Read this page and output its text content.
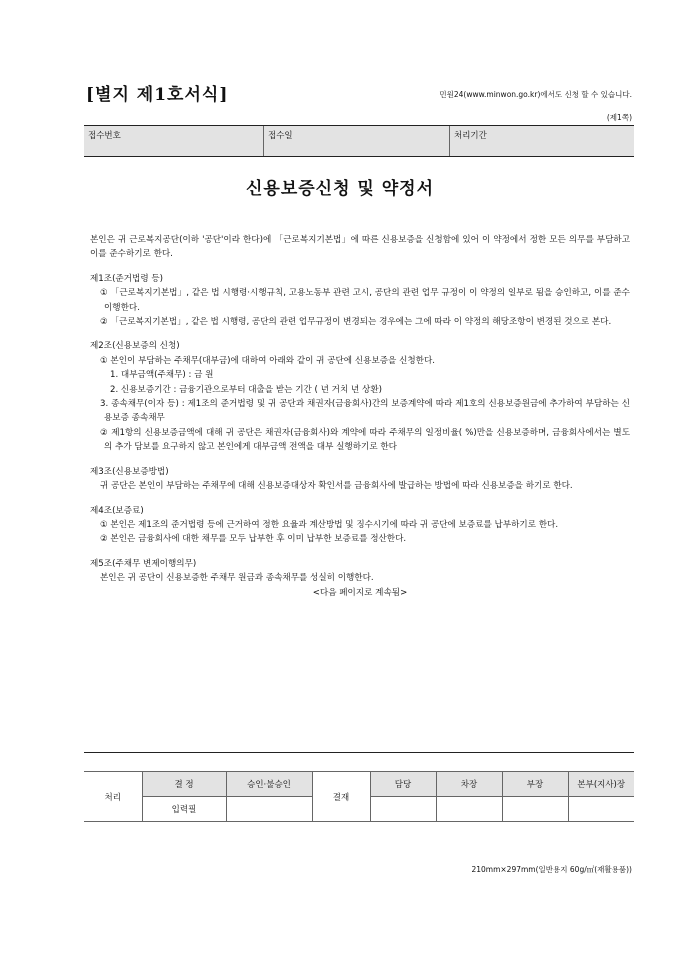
[별지 제1호서식]	민원24(www.minwon.go.kr)에서도 신청 할 수 있습니다.
(제1쪽)
접수번호	접수일	처리기간
신용보증신청 및 약정서

본인은 귀 근로복지공단(이하 '공단'이라 한다)에 「근로복지기본법」에 따른 신용보증을 신청함에 있어 이 약정에서 정한 모든 의무를 부담하고 이를 준수하기로 한다.

제1조(준거법령 등)

① 「근로복지기본법」, 같은 법 시행령·시행규칙, 고용노동부 관련 고시, 공단의 관련 업무 규정이 이 약정의 일부로 됨을 승인하고, 이를 준수이행한다.

② 「근로복지기본법」, 같은 법 시행령, 공단의 관련 업무규정이 변경되는 경우에는 그에 따라 이 약정의 해당조항이 변경된 것으로 본다.

제2조(신용보증의 신청)

① 본인이 부담하는 주채무(대부금)에 대하여 아래와 같이 귀 공단에 신용보증을 신청한다.

1. 대부금액(주채무) : 금 원

2. 신용보증기간 : 금융기관으로부터 대출을 받는 기간 ( 년 거치 년 상환)

3. 종속채무(이자 등) : 제1조의 준거법령 및 귀 공단과 채권자(금융회사)간의 보증계약에 따라 제1호의 신용보증원금에 추가하여 부담하는 신용보증 종속채무

② 제1항의 신용보증금액에 대해 귀 공단은 채권자(금융회사)와 계약에 따라 주채무의 일정비율( %)만을 신용보증하며, 금융회사에서는 별도의 추가 담보를 요구하지 않고 본인에게 대부금액 전액을 대부 실행하기로 한다

제3조(신용보증방법)

귀 공단은 본인이 부담하는 주채무에 대해 신용보증대상자 확인서를 금융회사에 발급하는 방법에 따라 신용보증을 하기로 한다.

제4조(보증료)

① 본인은 제1조의 준거법령 등에 근거하여 정한 요율과 계산방법 및 징수시기에 따라 귀 공단에 보증료를 납부하기로 한다.

② 본인은 금융회사에 대한 채무를 모두 납부한 후 이미 납부한 보증료를 정산한다.

제5조(주채무 변제이행의무)

본인은 귀 공단이 신용보증한 주채무 원금과 종속채무를 성실히 이행한다.

<다음 페이지로 계속됨>

처리	결 정	승인·불승인	결재	담당	차장	부장	본부(지사)장
	입력필						

210mm×297mm(일반용지 60g/㎡(재활용품))
